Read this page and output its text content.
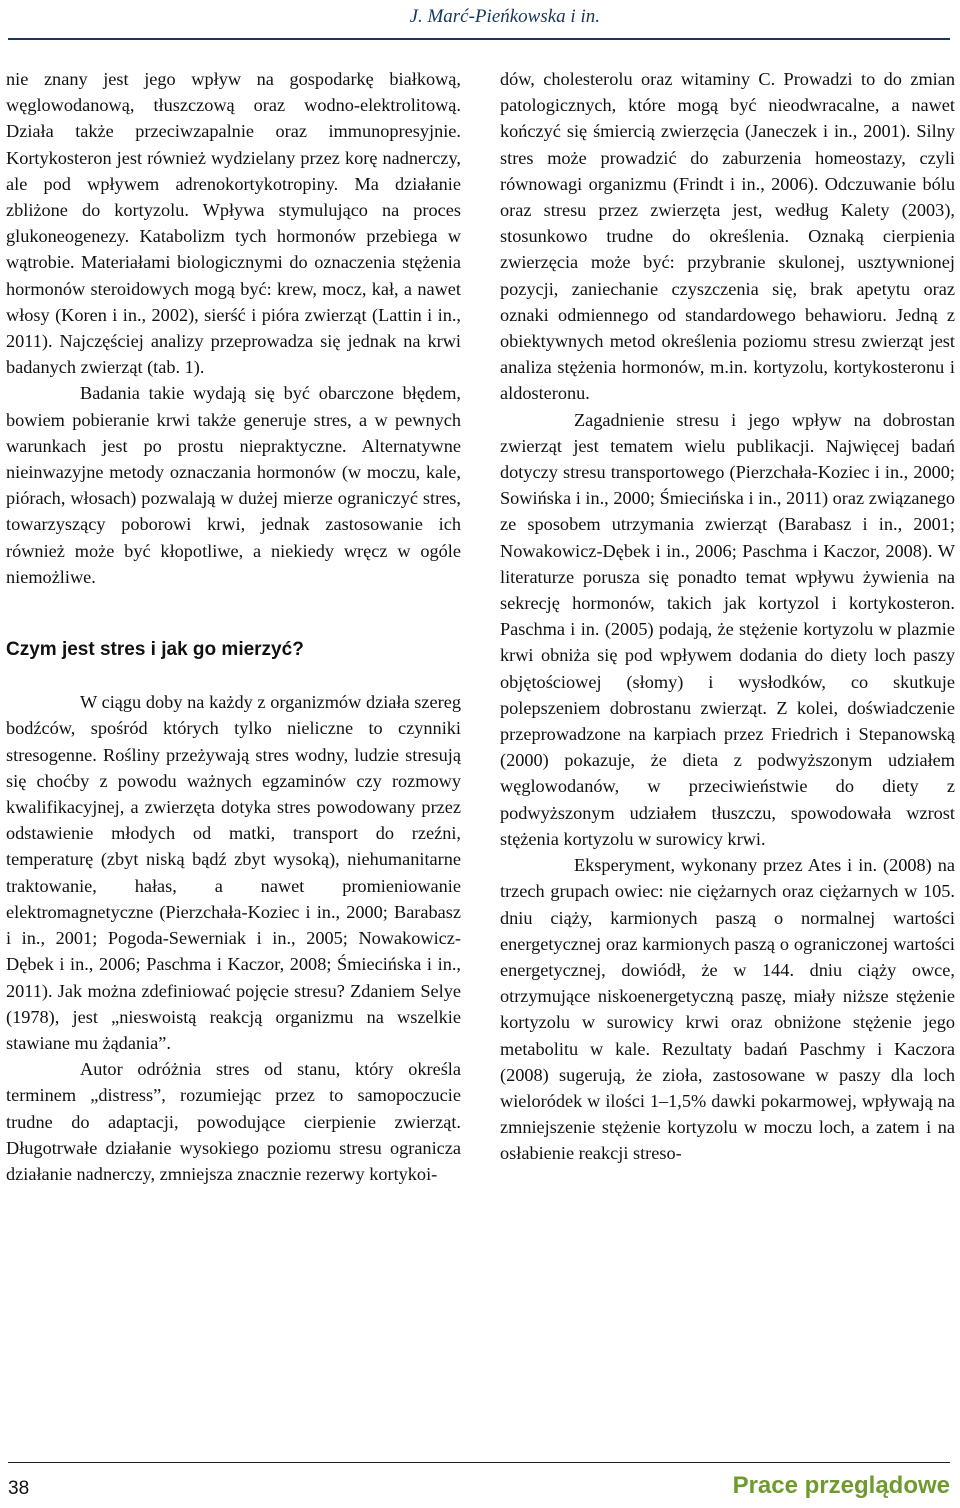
J. Marć-Pieńkowska i in.

nie znany jest jego wpływ na gospodarkę białkową, węglowodanową, tłuszczową oraz wodno-elektrolitową. Działa także przeciwzapalnie oraz immunopresyjnie. Kortykosteron jest również wydzielany przez korę nadnerczy, ale pod wpływem adrenokortykotropiny. Ma działanie zbliżone do kortyzolu. Wpływa stymulująco na proces glukoneogenezy. Katabolizm tych hormonów przebiega w wątrobie. Materiałami biologicznymi do oznaczenia stężenia hormonów steroidowych mogą być: krew, mocz, kał, a nawet włosy (Koren i in., 2002), sierść i pióra zwierząt (Lattin i in., 2011). Najczęściej analizy przeprowadza się jednak na krwi badanych zwierząt (tab. 1).

Badania takie wydają się być obarczone błędem, bowiem pobieranie krwi także generuje stres, a w pewnych warunkach jest po prostu niepraktyczne. Alternatywne nieinwazyjne metody oznaczania hormonów (w moczu, kale, piórach, włosach) pozwalają w dużej mierze ograniczyć stres, towarzyszący poborowi krwi, jednak zastosowanie ich również może być kłopotliwe, a niekiedy wręcz w ogóle niemożliwe.

Czym jest stres i jak go mierzyć?

W ciągu doby na każdy z organizmów działa szereg bodźców, spośród których tylko nieliczne to czynniki stresogenne. Rośliny przeżywają stres wodny, ludzie stresują się choćby z powodu ważnych egzaminów czy rozmowy kwalifikacyjnej, a zwierzęta dotyka stres powodowany przez odstawienie młodych od matki, transport do rzeźni, temperaturę (zbyt niską bądź zbyt wysoką), niehumanitarne traktowanie, hałas, a nawet promieniowanie elektromagnetyczne (Pierzchała-Koziec i in., 2000; Barabasz i in., 2001; Pogoda-Sewerniak i in., 2005; Nowakowicz-Dębek i in., 2006; Paschma i Kaczor, 2008; Śmiecińska i in., 2011). Jak można zdefiniować pojęcie stresu? Zdaniem Selye (1978), jest „nieswoistą reakcją organizmu na wszelkie stawiane mu żądania”.

Autor odróżnia stres od stanu, który określa terminem „distress”, rozumiejąc przez to samopoczucie trudne do adaptacji, powodujące cierpienie zwierząt. Długotrwałe działanie wysokiego poziomu stresu ogranicza działanie nadnerczy, zmniejsza znacznie rezerwy kortykoi-

dów, cholesterolu oraz witaminy C. Prowadzi to do zmian patologicznych, które mogą być nieodwracalne, a nawet kończyć się śmiercią zwierzęcia (Janeczek i in., 2001). Silny stres może prowadzić do zaburzenia homeostazy, czyli równowagi organizmu (Frindt i in., 2006). Odczuwanie bólu oraz stresu przez zwierzęta jest, według Kalety (2003), stosunkowo trudne do określenia. Oznaką cierpienia zwierzęcia może być: przybranie skulonej, usztywnionej pozycji, zaniechanie czyszczenia się, brak apetytu oraz oznaki odmiennego od standardowego behawioru. Jedną z obiektywnych metod określenia poziomu stresu zwierząt jest analiza stężenia hormonów, m.in. kortyzolu, kortykosteronu i aldosteronu.

Zagadnienie stresu i jego wpływ na dobrostan zwierząt jest tematem wielu publikacji. Najwięcej badań dotyczy stresu transportowego (Pierzchała-Koziec i in., 2000; Sowińska i in., 2000; Śmiecińska i in., 2011) oraz związanego ze sposobem utrzymania zwierząt (Barabasz i in., 2001; Nowakowicz-Dębek i in., 2006; Paschma i Kaczor, 2008). W literaturze porusza się ponadto temat wpływu żywienia na sekrecję hormonów, takich jak kortyzol i kortykosteron. Paschma i in. (2005) podają, że stężenie kortyzolu w plazmie krwi obniża się pod wpływem dodania do diety loch paszy objętościowej (słomy) i wysłodków, co skutkuje polepszeniem dobrostanu zwierząt. Z kolei, doświadczenie przeprowadzone na karpiach przez Friedrich i Stepanowską (2000) pokazuje, że dieta z podwyższonym udziałem węglowodanów, w przeciwieństwie do diety z podwyższonym udziałem tłuszczu, spowodowała wzrost stężenia kortyzolu w surowicy krwi.

Eksperyment, wykonany przez Ates i in. (2008) na trzech grupach owiec: nie ciężarnych oraz ciężarnych w 105. dniu ciąży, karmionych paszą o normalnej wartości energetycznej oraz karmionych paszą o ograniczonej wartości energetycznej, dowiódł, że w 144. dniu ciąży owce, otrzymujące niskoenergetyczną paszę, miały niższe stężenie kortyzolu w surowicy krwi oraz obniżone stężenie jego metabolitu w kale. Rezultaty badań Paschmy i Kaczora (2008) sugerują, że zioła, zastosowane w paszy dla loch wieloródek w ilości 1–1,5% dawki pokarmowej, wpływają na zmniejszenie stężenie kortyzolu w moczu loch, a zatem i na osłabienie reakcji streso-

38	Prace przeglądowe
